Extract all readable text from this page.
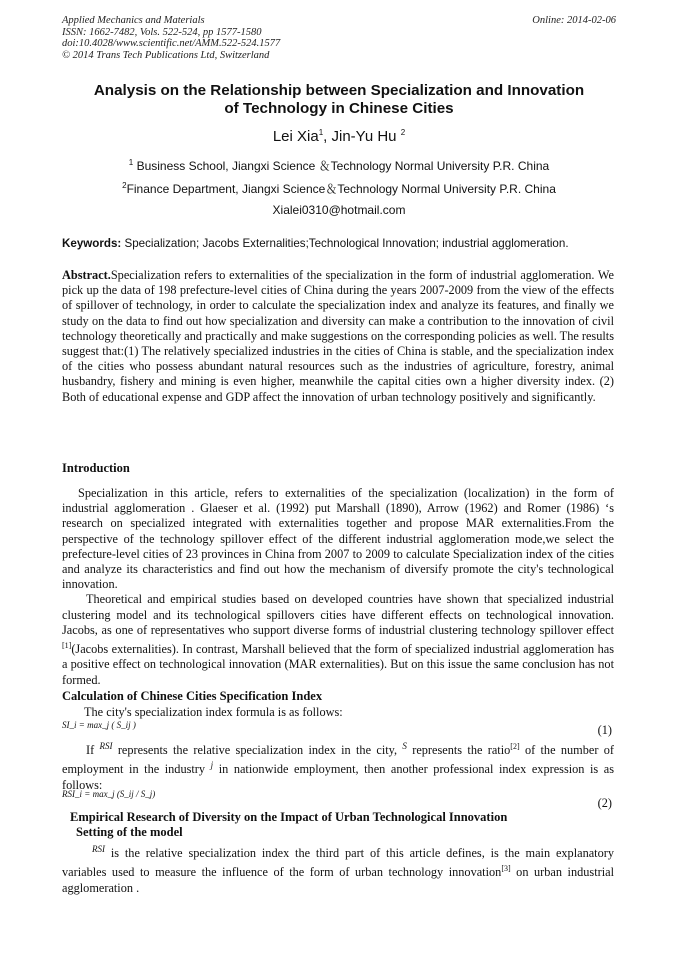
Applied Mechanics and Materials
ISSN: 1662-7482, Vols. 522-524, pp 1577-1580
doi:10.4028/www.scientific.net/AMM.522-524.1577
© 2014 Trans Tech Publications Ltd, Switzerland
Online: 2014-02-06
Analysis on the Relationship between Specialization and Innovation
of Technology in Chinese Cities
Lei Xia$^1$, Jin-Yu Hu $^2$
$^1$ Business School, Jiangxi Science ＆Technology Normal University P.R. China
$^2$Finance Department, Jiangxi Science＆Technology Normal University P.R. China
Xialei0310@hotmail.com
Keywords: Specialization; Jacobs Externalities;Technological Innovation; industrial agglomeration.
Abstract.Specialization refers to externalities of the specialization in the form of industrial agglomeration. We pick up the data of 198 prefecture-level cities of China during the years 2007-2009 from the view of the effects of spillover of technology, in order to calculate the specialization index and analyze its features, and finally we study on the data to find out how specialization and diversity can make a contribution to the innovation of civil technology theoretically and practically and make suggestions on the corresponding policies as well. The results suggest that:(1) The relatively specialized industries in the cities of China is stable, and the specialization index of the cities who possess abundant natural resources such as the industries of agriculture, forestry, animal husbandry, fishery and mining is even higher, meanwhile the capital cities own a higher diversity index. (2) Both of educational expense and GDP affect the innovation of urban technology positively and significantly.
Introduction

Specialization in this article, refers to externalities of the specialization (localization) in the form of industrial agglomeration . Glaeser et al. (1992) put Marshall (1890), Arrow (1962) and Romer (1986) ‘s research on specialized integrated with externalities together and propose MAR externalities.From the perspective of the technology spillover effect of the different industrial agglomeration mode,we select the prefecture-level cities of 23 provinces in China from 2007 to 2009 to calculate Specialization index of the cities and analyze its characteristics and find out how the mechanism of diversify promote the city's technological innovation.

Theoretical and empirical studies based on developed countries have shown that specialized industrial clustering model and its technological spillovers cities have different effects on technological innovation. Jacobs, as one of representatives who support diverse forms of industrial clustering technology spillover effect [1](Jacobs externalities). In contrast, Marshall believed that the form of specialized industrial agglomeration has a positive effect on technological innovation (MAR externalities). But on this issue the same conclusion has not formed.

Calculation of Chinese Cities Specification Index
The city's specialization index formula is as follows:
SI_i = max_j ( S_ij )	(1)
If $^{RSI}$ represents the relative specialization index in the city, $^S$ represents the ratio[2] of the number of employment in the industry $^j$ in nationwide employment, then another professional index expression is as follows:
RSI_i = max_j (S_ij / S_j)
(2)
Empirical Research of Diversity on the Impact of Urban Technological Innovation
Setting of the model
$^{RSI}$ is the relative specialization index the third part of this article defines, is the main explanatory variables used to measure the influence of the form of urban technology innovation[3] on urban industrial agglomeration .
